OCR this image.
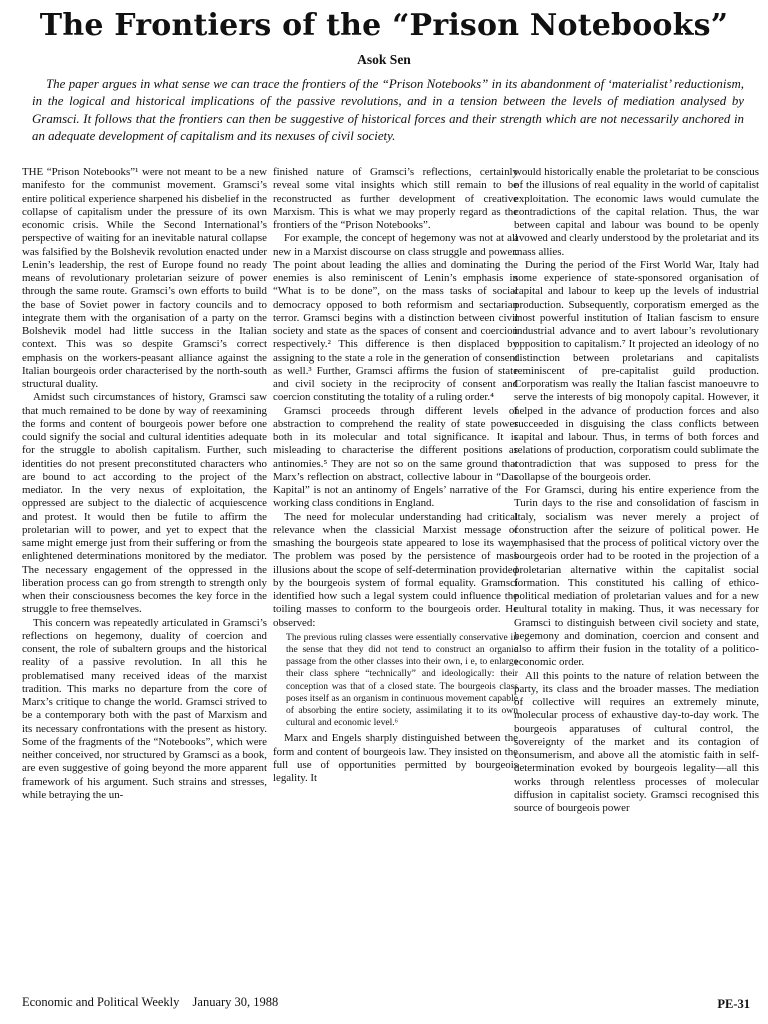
The Frontiers of the “Prison Notebooks”
Asok Sen

The paper argues in what sense we can trace the frontiers of the “Prison Notebooks” in its abandonment of ‘materialist’ reductionism, in the logical and historical implications of the passive revolutions, and in a tension between the levels of mediation analysed by Gramsci. It follows that the frontiers can then be suggestive of historical forces and their strength which are not necessarily anchored in an adequate development of capitalism and its nexuses of civil society.

THE “Prison Notebooks”¹ were not meant to be a new manifesto for the communist movement. Gramsci’s entire political experience sharpened his disbelief in the collapse of capitalism under the pressure of its own economic crisis. While the Second International’s perspective of waiting for an inevitable natural collapse was falsified by the Bolshevik revolution enacted under Lenin’s leadership, the rest of Europe found no ready means of revolutionary proletarian seizure of power through the same route. Gramsci’s own efforts to build the base of Soviet power in factory councils and to integrate them with the organisation of a party on the Bolshevik model had little success in the Italian context. This was so despite Gramsci’s correct emphasis on the workers-peasant alliance against the Italian bourgeois order characterised by the north-south structural duality.

Amidst such circumstances of history, Gramsci saw that much remained to be done by way of reexamining the forms and content of bourgeois power before one could signify the social and cultural identities adequate for the struggle to abolish capitalism. Further, such identities do not present preconstituted characters who are bound to act according to the project of the mediator. In the very nexus of exploitation, the oppressed are subject to the dialectic of acquiescence and protest. It would then be futile to affirm the proletarian will to power, and yet to expect that the same might emerge just from their suffering or from the enlightened determinations monitored by the mediator. The necessary engagement of the oppressed in the liberation process can go from strength to strength only when their consciousness becomes the key force in the struggle to free themselves.

This concern was repeatedly articulated in Gramsci’s reflections on hegemony, duality of coercion and consent, the role of subaltern groups and the historical reality of a passive revolution. In all this he problematised many received ideas of the marxist tradition. This marks no departure from the core of Marx’s critique to change the world. Gramsci strived to be a contemporary both with the past of Marxism and its necessary confrontations with the present as history. Some of the fragments of the “Notebooks”, which were neither conceived, nor structured by Gramsci as a book, are even suggestive of going beyond the more apparent framework of his argument. Such strains and stresses, while betraying the un-

finished nature of Gramsci’s reflections, certainly reveal some vital insights which still remain to be reconstructed as further development of creative Marxism. This is what we may properly regard as the frontiers of the “Prison Notebooks”.

For example, the concept of hegemony was not at all new in a Marxist discourse on class struggle and power. The point about leading the allies and dominating the enemies is also reminiscent of Lenin’s emphasis in “What is to be done”, on the mass tasks of social democracy opposed to both reformism and sectarian terror. Gramsci begins with a distinction between civil society and state as the spaces of consent and coercion respectively.² This difference is then displaced by assigning to the state a role in the generation of consent as well.³ Further, Gramsci affirms the fusion of state and civil society in the reciprocity of consent and coercion constituting the totality of a ruling order.⁴

Gramsci proceeds through different levels of abstraction to comprehend the reality of state power both in its molecular and total significance. It is misleading to characterise the different positions as antinomies.⁵ They are not so on the same ground that Marx’s reflection on abstract, collective labour in “Das Kapital” is not an antinomy of Engels’ narrative of the working class conditions in England.

The need for molecular understanding had critical relevance when the classicial Marxist message of smashing the bourgeois state appeared to lose its way. The problem was posed by the persistence of mass illusions about the scope of self-determination provided by the bourgeois system of formal equality. Gramsci identified how such a legal system could influence the toiling masses to conform to the bourgeois order. He observed:

The previous ruling classes were essentially conservative in the sense that they did not tend to construct an organic passage from the other classes into their own, i e, to enlarge their class sphere “technically” and ideologically: their conception was that of a closed state. The bourgeois class poses itself as an organism in continuous movement capable of absorbing the entire society, assimilating it to its own cultural and economic level.⁶

Marx and Engels sharply distinguished between the form and content of bourgeois law. They insisted on the full use of opportunities permitted by bourgeois legality. It

would historically enable the proletariat to be conscious of the illusions of real equality in the world of capitalist exploitation. The economic laws would cumulate the contradictions of the capital relation. Thus, the war between capital and labour was bound to be openly avowed and clearly understood by the proletariat and its mass allies.

During the period of the First World War, Italy had some experience of state-sponsored organisation of capital and labour to keep up the levels of industrial production. Subsequently, corporatism emerged as the most powerful institution of Italian fascism to ensure industrial advance and to avert labour’s revolutionary opposition to capitalism.⁷ It projected an ideology of no distinction between proletarians and capitalists reminiscent of pre-capitalist guild production. Corporatism was really the Italian fascist manoeuvre to serve the interests of big monopoly capital. However, it helped in the advance of production forces and also succeeded in disguising the class conflicts between capital and labour. Thus, in terms of both forces and relations of production, corporatism could sublimate the contradiction that was supposed to press for the collapse of the bourgeois order.

For Gramsci, during his entire experience from the Turin days to the rise and consolidation of fascism in Italy, socialism was never merely a project of construction after the seizure of political power. He emphasised that the process of political victory over the bourgeois order had to be rooted in the projection of a proletarian alternative within the capitalist social formation. This constituted his calling of ethico-political mediation of proletarian values and for a new cultural totality in making. Thus, it was necessary for Gramsci to distinguish between civil society and state, hegemony and domination, coercion and consent and also to affirm their fusion in the totality of a politico-economic order.

All this points to the nature of relation between the party, its class and the broader masses. The mediation of collective will requires an extremely minute, molecular process of exhaustive day-to-day work. The bourgeois apparatuses of cultural control, the sovereignty of the market and its contagion of consumerism, and above all the atomistic faith in self-determination evoked by bourgeois legality—all this works through relentless processes of molecular diffusion in capitalist society. Gramsci recognised this source of bourgeois power

Economic and Political Weekly January 30, 1988	PE-31
